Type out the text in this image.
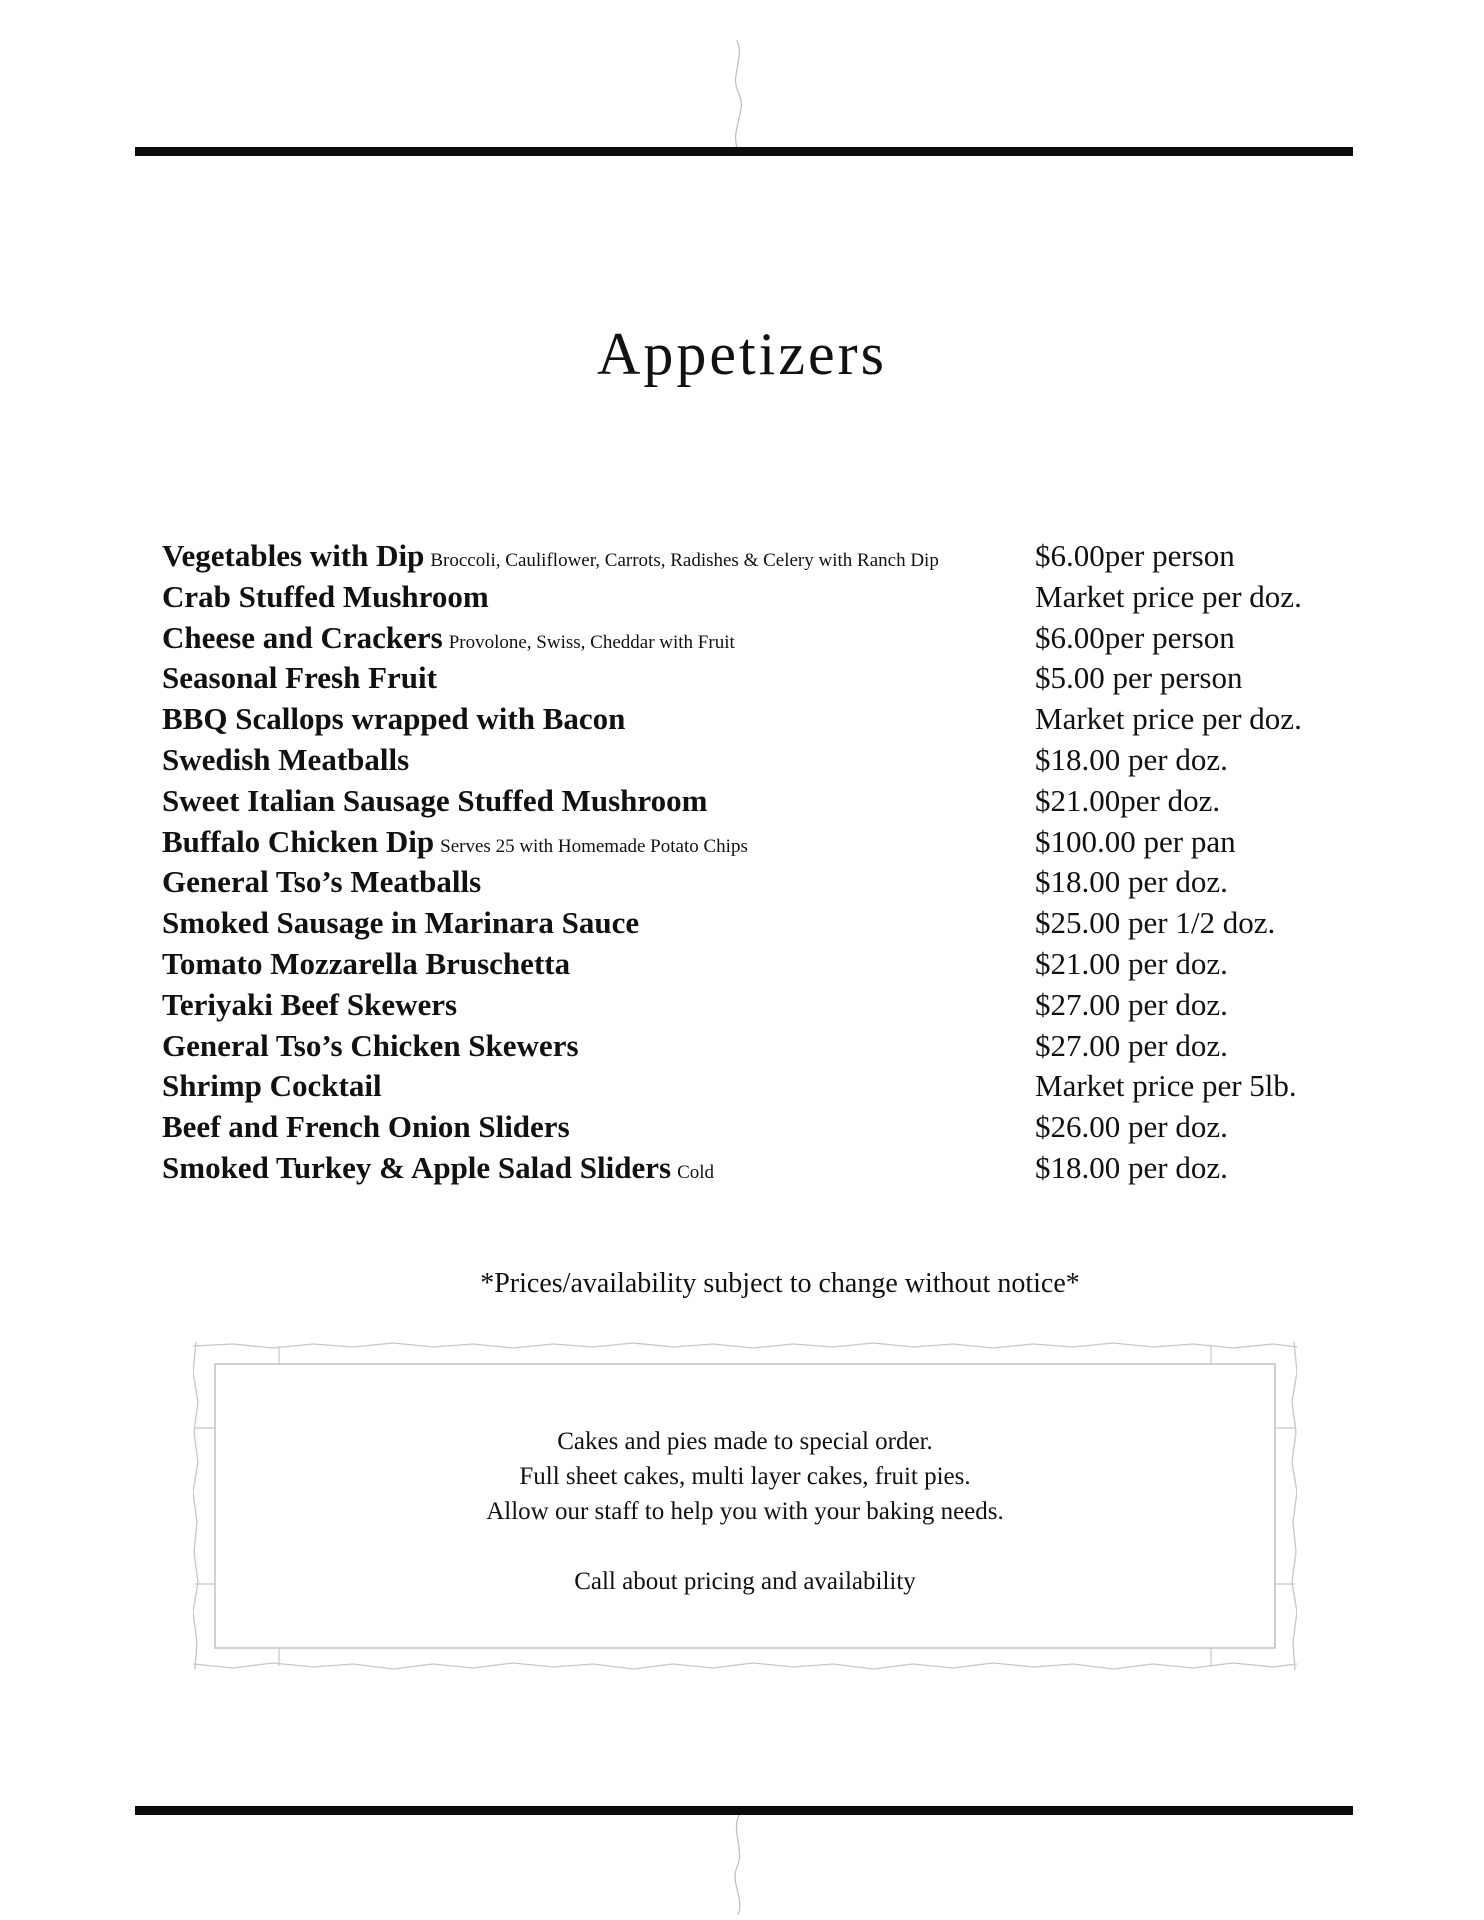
Appetizers
Vegetables with Dip Broccoli, Cauliflower, Carrots, Radishes & Celery with Ranch Dip	$6.00per person
Crab Stuffed Mushroom	Market price per doz.
Cheese and Crackers Provolone, Swiss, Cheddar with Fruit	$6.00per person
Seasonal Fresh Fruit	$5.00 per person
BBQ Scallops wrapped with Bacon	Market price per doz.
Swedish Meatballs	$18.00 per doz.
Sweet Italian Sausage Stuffed Mushroom	$21.00per doz.
Buffalo Chicken Dip Serves 25 with Homemade Potato Chips	$100.00 per pan
General Tso’s Meatballs	$18.00 per doz.
Smoked Sausage in Marinara Sauce	$25.00 per 1/2 doz.
Tomato Mozzarella Bruschetta	$21.00 per doz.
Teriyaki Beef Skewers	$27.00 per doz.
General Tso’s Chicken Skewers	$27.00 per doz.
Shrimp Cocktail	Market price per 5lb.
Beef and French Onion Sliders	$26.00 per doz.
Smoked Turkey & Apple Salad Sliders Cold	$18.00 per doz.
*Prices/availability subject to change without notice*
Cakes and pies made to special order.
Full sheet cakes, multi layer cakes, fruit pies.
Allow our staff to help you with your baking needs.
Call about pricing and availability
